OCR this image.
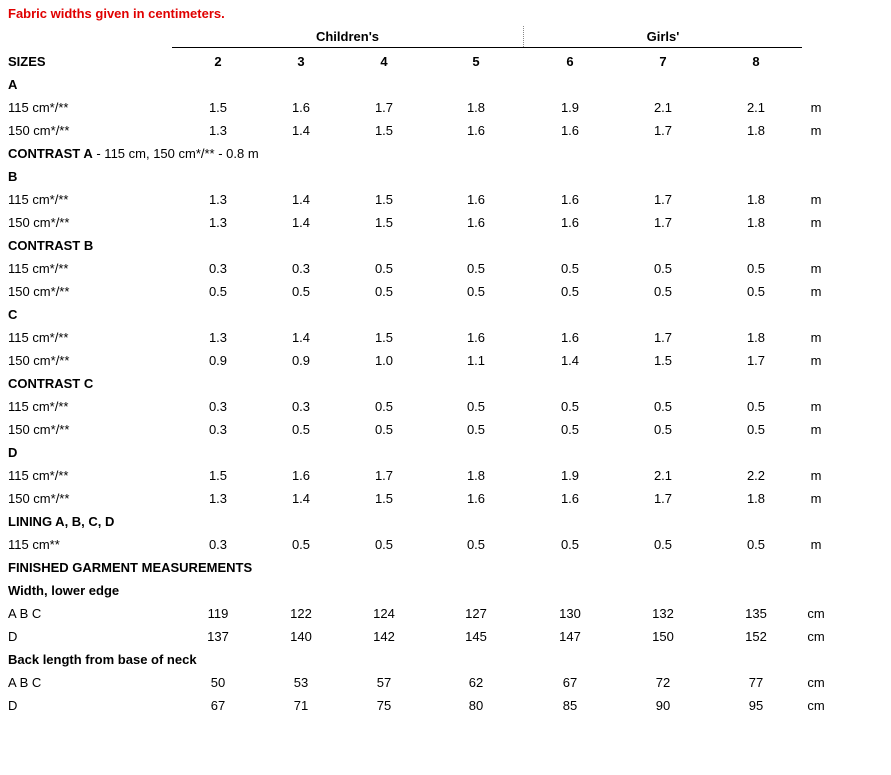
Fabric widths given in centimeters.
Children's	Girls'
SIZES	2	3	4	5	6	7	8
A
115 cm*/**	1.5	1.6	1.7	1.8	1.9	2.1	2.1	m
150 cm*/**	1.3	1.4	1.5	1.6	1.6	1.7	1.8	m
CONTRAST A - 115 cm, 150 cm*/** - 0.8 m
B
115 cm*/**	1.3	1.4	1.5	1.6	1.6	1.7	1.8	m
150 cm*/**	1.3	1.4	1.5	1.6	1.6	1.7	1.8	m
CONTRAST B
115 cm*/**	0.3	0.3	0.5	0.5	0.5	0.5	0.5	m
150 cm*/**	0.5	0.5	0.5	0.5	0.5	0.5	0.5	m
C
115 cm*/**	1.3	1.4	1.5	1.6	1.6	1.7	1.8	m
150 cm*/**	0.9	0.9	1.0	1.1	1.4	1.5	1.7	m
CONTRAST C
115 cm*/**	0.3	0.3	0.5	0.5	0.5	0.5	0.5	m
150 cm*/**	0.3	0.5	0.5	0.5	0.5	0.5	0.5	m
D
115 cm*/**	1.5	1.6	1.7	1.8	1.9	2.1	2.2	m
150 cm*/**	1.3	1.4	1.5	1.6	1.6	1.7	1.8	m
LINING A, B, C, D
115 cm**	0.3	0.5	0.5	0.5	0.5	0.5	0.5	m
FINISHED GARMENT MEASUREMENTS
Width, lower edge
A B C	119	122	124	127	130	132	135	cm
D	137	140	142	145	147	150	152	cm
Back length from base of neck
A B C	50	53	57	62	67	72	77	cm
D	67	71	75	80	85	90	95	cm
